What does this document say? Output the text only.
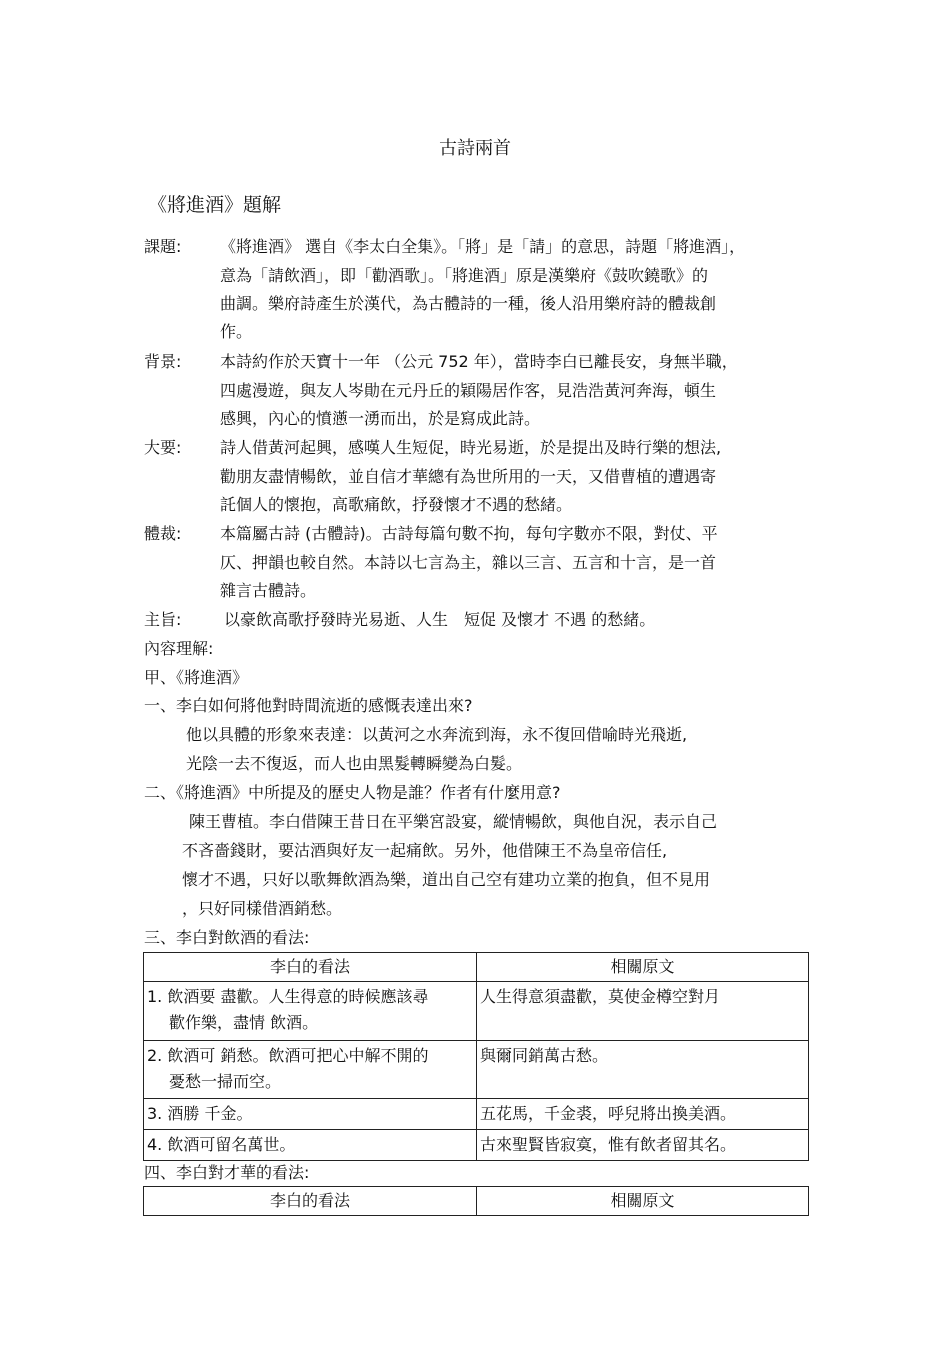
古詩兩首
《將進酒》題解
課題: 《將進酒》 選自《李太白全集》。「將」是「請」的意思，詩題「將進酒」，
意為「請飲酒」，即「勸酒歌」。「將進酒」原是漢樂府《鼓吹鐃歌》的
曲調。樂府詩產生於漢代，為古體詩的一種，後人沿用樂府詩的體裁創
作。
背景: 本詩約作於天寶十一年 （公元 752 年），當時李白已離長安，身無半職，
四處漫遊，與友人岑勛在元丹丘的穎陽居作客，見浩浩黃河奔海，頓生
感興，內心的憤懣一湧而出，於是寫成此詩。
大要: 詩人借黃河起興，感嘆人生短促，時光易逝，於是提出及時行樂的想法,
勸朋友盡情暢飲，並自信才華總有為世所用的一天，又借曹植的遭遇寄
託個人的懷抱，高歌痛飲，抒發懷才不遇的愁緒。
體裁: 本篇屬古詩 (古體詩)。古詩每篇句數不拘，每句字數亦不限，對仗、平
仄、押韻也較自然。本詩以七言為主，雜以三言、五言和十言，是一首
雜言古體詩。
主旨:	以豪飲高歌抒發時光易逝、人生　短促 及懷才 不遇 的愁緒。
內容理解:
甲、《將進酒》
一、李白如何將他對時間流逝的感慨表達出來?
他以具體的形象來表達：以黃河之水奔流到海，永不復回借喻時光飛逝,
光陰一去不復返，而人也由黑髮轉瞬變為白髮。
二、《將進酒》中所提及的歷史人物是誰？作者有什麼用意?
陳王曹植。李白借陳王昔日在平樂宮設宴，縱情暢飲，與他自況，表示自己
不吝嗇錢財，要沽酒與好友一起痛飲。另外，他借陳王不為皇帝信任,
懷才不遇，只好以歌舞飲酒為樂，道出自己空有建功立業的抱負，但不見用
，只好同樣借酒銷愁。
三、李白對飲酒的看法:
李白的看法	相關原文

1. 飲酒要 盡歡。人生得意的時候應該尋
歡作樂，盡情 飲酒。	人生得意須盡歡，莫使金樽空對月

2. 飲酒可 銷愁。飲酒可把心中解不開的
憂愁一掃而空。	與爾同銷萬古愁。
3. 酒勝 千金。	五花馬，千金裘，呼兒將出換美酒。
4. 飲酒可留名萬世。	古來聖賢皆寂寞，惟有飲者留其名。
四、李白對才華的看法:
李白的看法	相關原文
